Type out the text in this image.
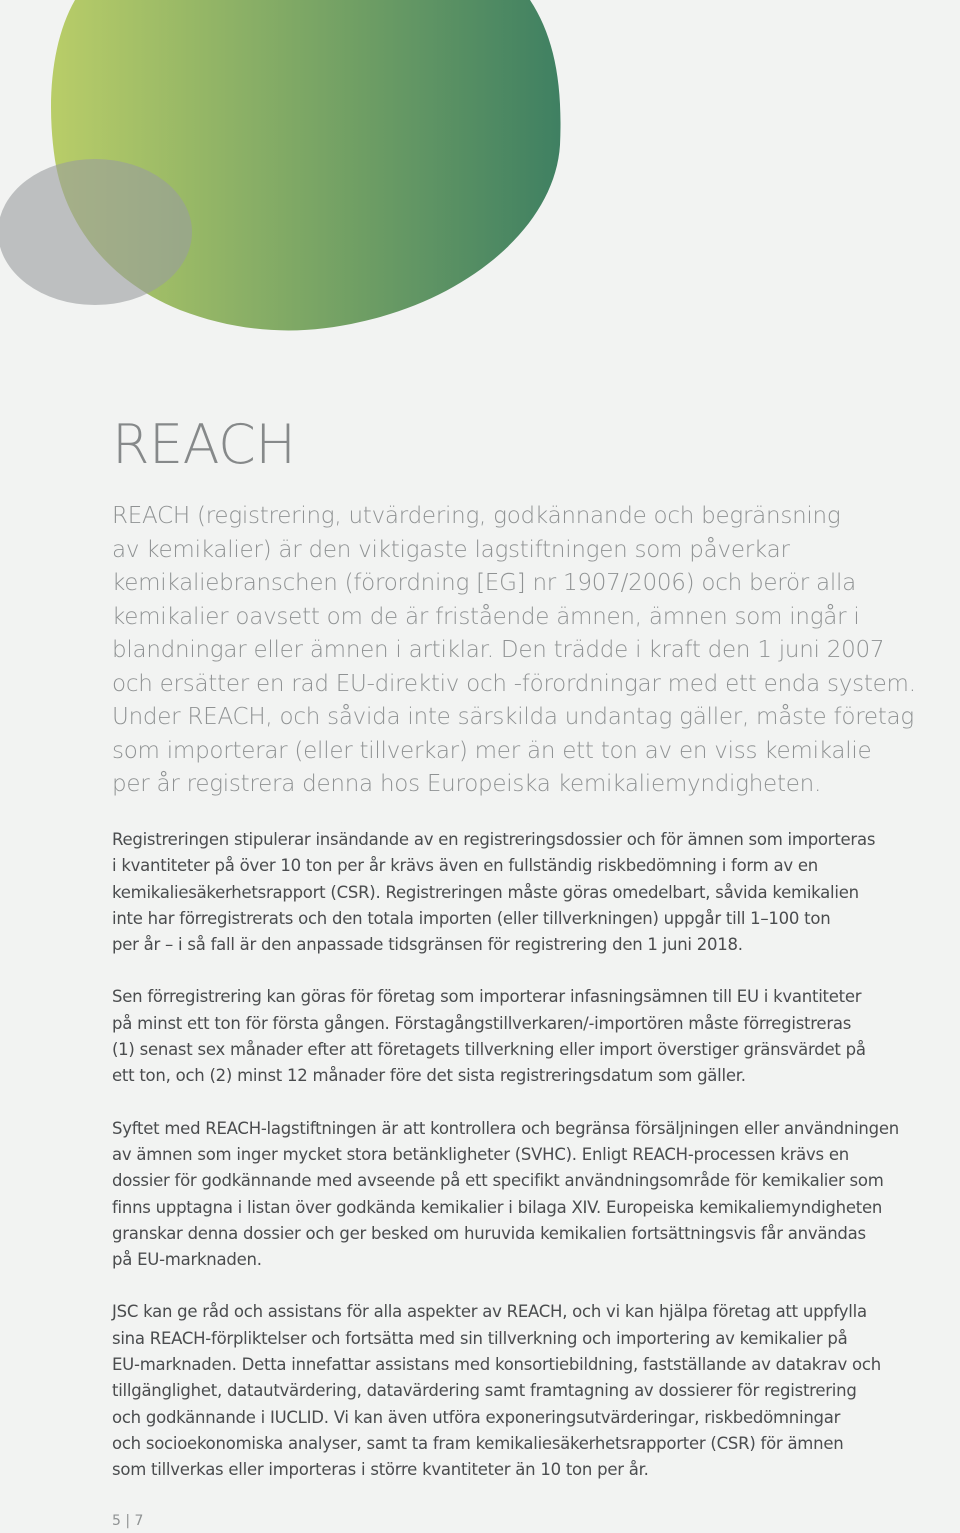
REACH
REACH (registrering, utvärdering, godkännande och begränsning
av kemikalier) är den viktigaste lagstiftningen som påverkar
kemikaliebranschen (förordning [EG] nr 1907/2006) och berör alla
kemikalier oavsett om de är fristående ämnen, ämnen som ingår i
blandningar eller ämnen i artiklar. Den trädde i kraft den 1 juni 2007
och ersätter en rad EU-direktiv och -förordningar med ett enda system.
Under REACH, och såvida inte särskilda undantag gäller, måste företag
som importerar (eller tillverkar) mer än ett ton av en viss kemikalie
per år registrera denna hos Europeiska kemikaliemyndigheten.

Registreringen stipulerar insändande av en registreringsdossier och för ämnen som importeras
i kvantiteter på över 10 ton per år krävs även en fullständig riskbedömning i form av en
kemikaliesäkerhetsrapport (CSR). Registreringen måste göras omedelbart, såvida kemikalien
inte har förregistrerats och den totala importen (eller tillverkningen) uppgår till 1–100 ton
per år – i så fall är den anpassade tidsgränsen för registrering den 1 juni 2018.

Sen förregistrering kan göras för företag som importerar infasningsämnen till EU i kvantiteter
på minst ett ton för första gången. Förstagångstillverkaren/-importören måste förregistreras
(1) senast sex månader efter att företagets tillverkning eller import överstiger gränsvärdet på
ett ton, och (2) minst 12 månader före det sista registreringsdatum som gäller.

Syftet med REACH-lagstiftningen är att kontrollera och begränsa försäljningen eller användningen
av ämnen som inger mycket stora betänkligheter (SVHC). Enligt REACH-processen krävs en
dossier för godkännande med avseende på ett specifikt användningsområde för kemikalier som
finns upptagna i listan över godkända kemikalier i bilaga XIV. Europeiska kemikaliemyndigheten
granskar denna dossier och ger besked om huruvida kemikalien fortsättningsvis får användas
på EU-marknaden.

JSC kan ge råd och assistans för alla aspekter av REACH, och vi kan hjälpa företag att uppfylla
sina REACH-förpliktelser och fortsätta med sin tillverkning och importering av kemikalier på
EU-marknaden. Detta innefattar assistans med konsortiebildning, fastställande av datakrav och
tillgänglighet, datautvärdering, datavärdering samt framtagning av dossierer för registrering
och godkännande i IUCLID. Vi kan även utföra exponeringsutvärderingar, riskbedömningar
och socioekonomiska analyser, samt ta fram kemikaliesäkerhetsrapporter (CSR) för ämnen
som tillverkas eller importeras i större kvantiteter än 10 ton per år.

5 | 7
